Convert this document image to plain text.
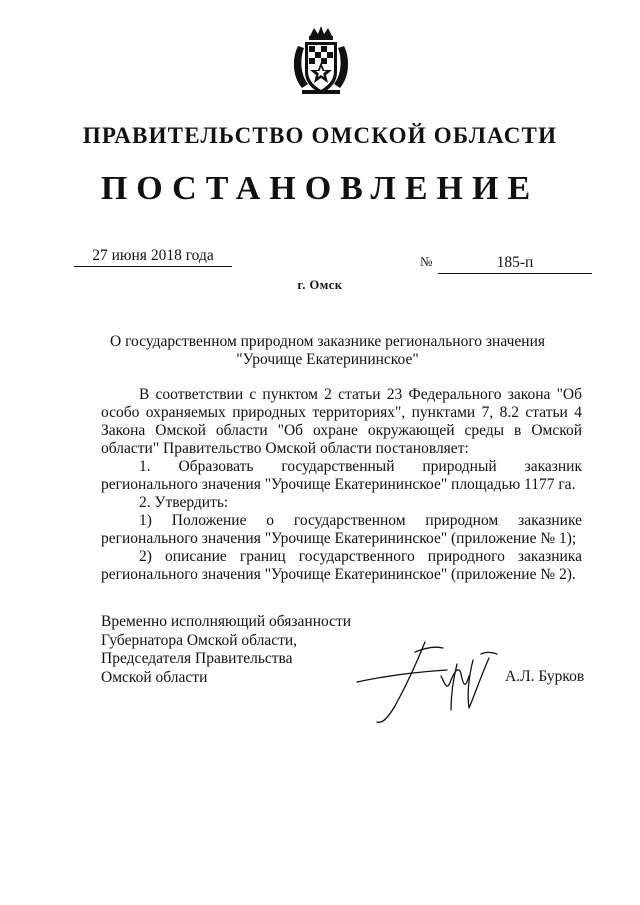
ПРАВИТЕЛЬСТВО ОМСКОЙ ОБЛАСТИ
ПОСТАНОВЛЕНИЕ
27 июня 2018 года	№	185-п
г. Омск
О государственном природном заказнике регионального значения
"Урочище Екатерининское"

В соответствии с пунктом 2 статьи 23 Федерального закона "Об особо охраняемых природных территориях", пунктами 7, 8.2 статьи 4 Закона Омской области "Об охране окружающей среды в Омской области" Правительство Омской области постановляет:

1. Образовать государственный природный заказник регионального значения "Урочище Екатерининское" площадью 1177 га.

2. Утвердить:

1) Положение о государственном природном заказнике регионального значения "Урочище Екатерининское" (приложение № 1);

2) описание границ государственного природного заказника регионального значения "Урочище Екатерининское" (приложение № 2).

Временно исполняющий обязанности
Губернатора Омской области,
Председателя Правительства
Омской области	А.Л. Бурков
